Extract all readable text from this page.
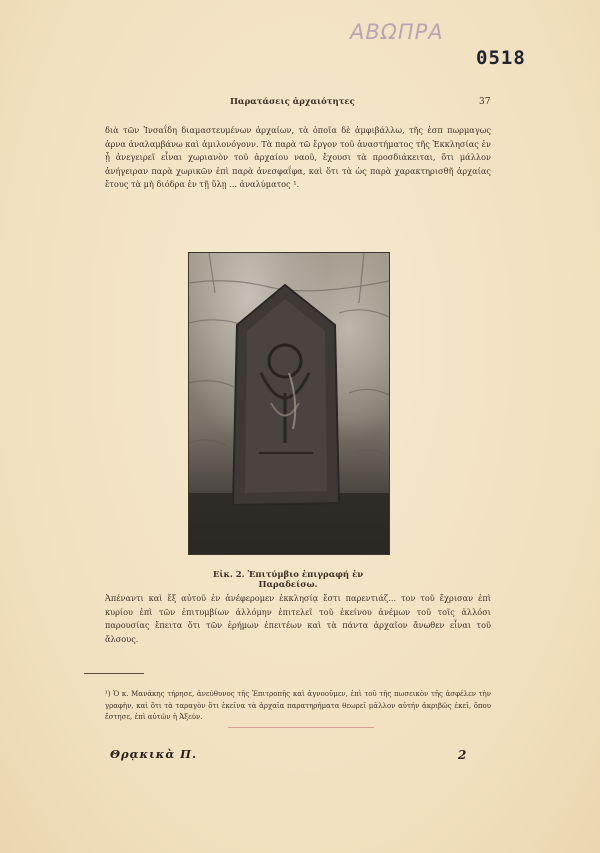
ΑΒΩΠΡΑ
0518
Παρατάσεις ἀρχαιότητες	37
διὰ τῶν Ἰνσαΐδη διαμαστευμένων ἀρχαίων, τὰ ὁποῖα δὲ ἀμφιβάλλω, τῆς ἑσπ πωρμαγως ἀρνα ἀναλαμβάνω καὶ ἀμιλονόγονν. Τὰ παρὰ τῶ ἔργον τοῦ ἀναστήματος τῆς Ἐκκλησίας ἐν ᾗ ἀνεγειρεῖ εἶναι χωριανὸν τοῦ ἀρχαίου ναοῦ, ἔχουσι τὰ προσδιάκειται, ὅτι μάλλον ἀνήγειραν παρὰ χωρικῶν ἐπὶ παρὰ ἀνεσφαΐφα, καὶ ὅτι τὰ ὡς παρὰ χαρακτηρισθῆ ἀρχαίας ἔτους τὰ μὴ διόδρα ἐν τῇ ὕλῃ ... ἀναλύματος ¹.
Εἰκ. 2. Ἐπιτύμβιο ἐπιγραφή ἐν Παραδείσω.
Ἀπέναντι καὶ ἔξ αὐτοῦ ἐν ἀνέφερομεν ἐκκλησίᾳ ἔστι παρεντιάζ... τον τοῦ ἔχρισαν ἐπὶ κυρίου ἐπὶ τῶν ἐπιτυμβίων ἀλλόμην ἐπιτελεῖ τοῦ ἐκείνου ἀνέμων τοῦ τοῖς ἀλλόσι παρουσίας ἔπειτα ὅτι τῶν ἐρήμων ἐπειτέων καὶ τὰ πάντα ἀρχαῖον ἄνωθεν εἶναι τοῦ ἄλσους.
¹) Ὁ κ. Μανάκης τήρησε, ἀνεύθυνος τῆς Ἐπιτροπῆς καὶ ἀγνοοῦμεν, ἐπὶ τοῦ τῆς πωσεικὸν τῆς ἀσφέλεν τὴν γραφὴν, καὶ ὅτι τὰ ταραγὸν ὅτι ἐκεῖνα τὰ ἀρχαῖα παρατηρήματα θεωρεῖ μᾶλλον αὐτήν ἀκριβῶς ἐκεῖ, ὅπου ἔστησε, ἐπὶ αὐτῶν ἡ Ἀξεύν.
Θρᾳκικὰ Π.	2
